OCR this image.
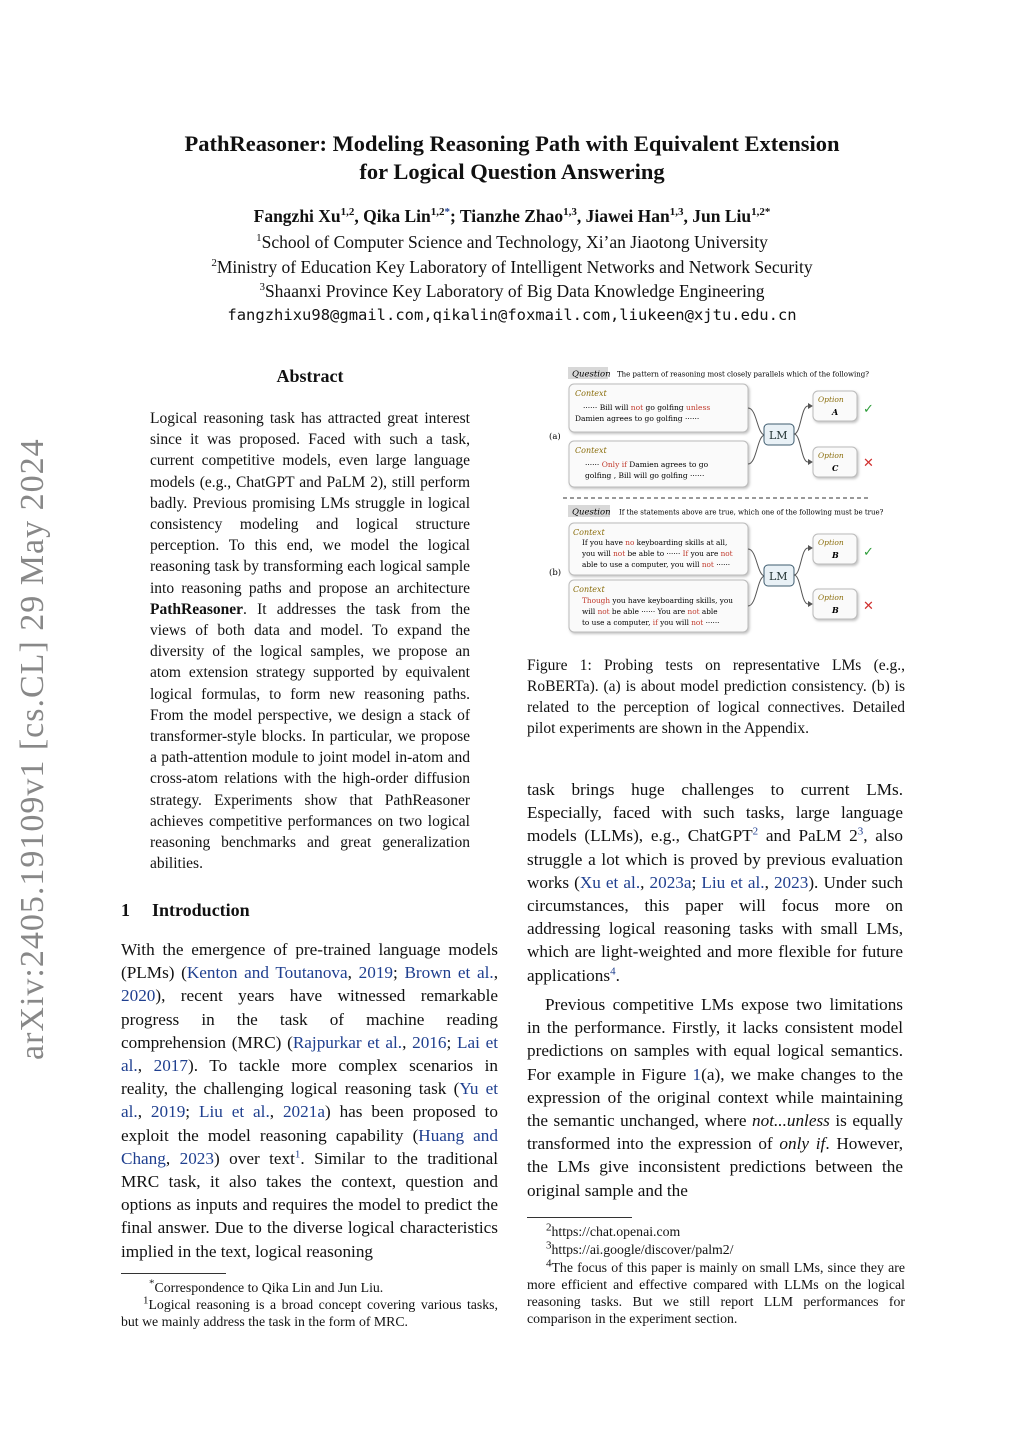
PathReasoner: Modeling Reasoning Path with Equivalent Extension
for Logical Question Answering
Fangzhi Xu$^{1,2}$, Qika Lin$^{1,2*}$; Tianzhe Zhao$^{1,3}$, Jiawei Han$^{1,3}$, Jun Liu$^{1,2*}$
$^1$School of Computer Science and Technology, Xi’an Jiaotong University
$^2$Ministry of Education Key Laboratory of Intelligent Networks and Network Security
$^3$Shaanxi Province Key Laboratory of Big Data Knowledge Engineering
fangzhixu98@gmail.com,qikalin@foxmail.com,liukeen@xjtu.edu.cn
arXiv:2405.19109v1 [cs.CL] 29 May 2024
Abstract
Logical reasoning task has attracted great interest since it was proposed. Faced with such a task, current competitive models, even large language models (e.g., ChatGPT and PaLM 2), still perform badly. Previous promising LMs struggle in logical consistency modeling and logical structure perception. To this end, we model the logical reasoning task by transforming each logical sample into reasoning paths and propose an architecture PathReasoner. It addresses the task from the views of both data and model. To expand the diversity of the logical samples, we propose an atom extension strategy supported by equivalent logical formulas, to form new reasoning paths. From the model perspective, we design a stack of transformer-style blocks. In particular, we propose a path-attention module to joint model in-atom and cross-atom relations with the high-order diffusion strategy. Experiments show that PathReasoner achieves competitive performances on two logical reasoning benchmarks and great generalization abilities.
1 Introduction
With the emergence of pre-trained language models (PLMs) (Kenton and Toutanova, 2019; Brown et al., 2020), recent years have witnessed remarkable progress in the task of machine reading comprehension (MRC) (Rajpurkar et al., 2016; Lai et al., 2017). To tackle more complex scenarios in reality, the challenging logical reasoning task (Yu et al., 2019; Liu et al., 2021a) has been proposed to exploit the model reasoning capability (Huang and Chang, 2023) over text$^1$. Similar to the traditional MRC task, it also takes the context, question and options as inputs and requires the model to predict the final answer. Due to the diverse logical characteristics implied in the text, logical reasoning
*Correspondence to Qika Lin and Jun Liu.
$^1$Logical reasoning is a broad concept covering various tasks, but we mainly address the task in the form of MRC.
Question The pattern of reasoning most closely parallels which of the following?
(a)
Context
······ Bill will not go golfing unless
Damien agrees to go golfing ······
Context
······ Only if Damien agrees to go
golfing , Bill will go golfing ······
LM
Option
A ✓
Option
C ✕
Question If the statements above are true, which one of the following must be true?
(b)
Context
If you have no keyboarding skills at all,
you will not be able to ······ If you are not
able to use a computer, you will not ······
Context
Though you have keyboarding skills, you
will not be able ······ You are not able
to use a computer, if you will not ······
LM
Option
B ✓
Option
B ✕
Figure 1: Probing tests on representative LMs (e.g., RoBERTa). (a) is about model prediction consistency. (b) is related to the perception of logical connectives. Detailed pilot experiments are shown in the Appendix.
task brings huge challenges to current LMs. Especially, faced with such tasks, large language models (LLMs), e.g., ChatGPT$^2$ and PaLM 2$^3$, also struggle a lot which is proved by previous evaluation works (Xu et al., 2023a; Liu et al., 2023). Under such circumstances, this paper will focus more on addressing logical reasoning tasks with small LMs, which are light-weighted and more flexible for future applications$^4$.
Previous competitive LMs expose two limitations in the performance. Firstly, it lacks consistent model predictions on samples with equal logical semantics. For example in Figure 1(a), we make changes to the expression of the original context while maintaining the semantic unchanged, where not...unless is equally transformed into the expression of only if. However, the LMs give inconsistent predictions between the original sample and the
$^2$https://chat.openai.com
$^3$https://ai.google/discover/palm2/
$^4$The focus of this paper is mainly on small LMs, since they are more efficient and effective compared with LLMs on the logical reasoning tasks. But we still report LLM performances for comparison in the experiment section.
